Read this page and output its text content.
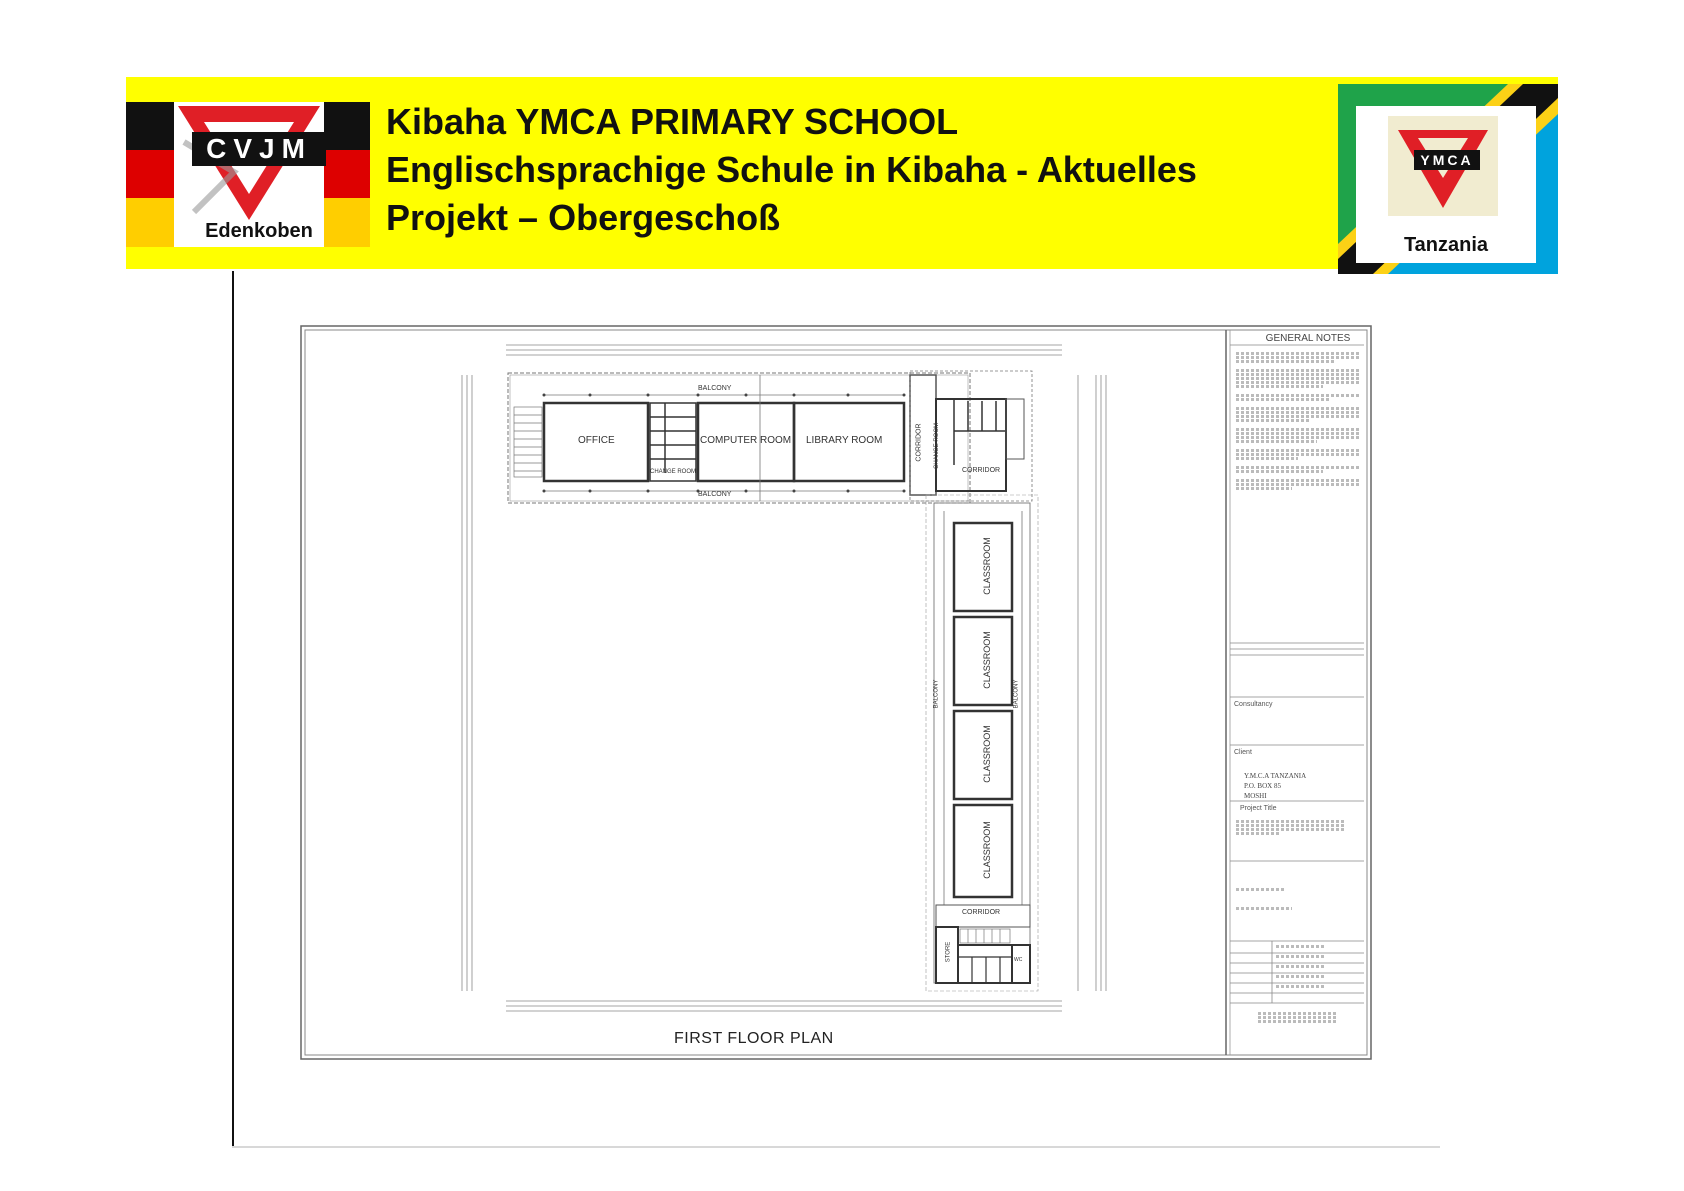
CVJM
Edenkoben
Kibaha YMCA PRIMARY SCHOOL
Englischsprachige Schule in Kibaha - Aktuelles
Projekt – Obergeschoß
YMCA
Tanzania
OFFICE	COMPUTER ROOM LIBRARY ROOM
BALCONY
BALCONY
CHANGE ROOM
CORRIDOR CHANGE ROOM
CORRIDOR
CLASSROOM
CLASSROOM
CLASSROOM
CLASSROOM
BALCONY	BALCONY
CORRIDOR
STORE	WC
FIRST FLOOR PLAN
GENERAL NOTES
Consultancy
Client
Y.M.C.A TANZANIA
P.O. BOX 85
MOSHI
Project Title
